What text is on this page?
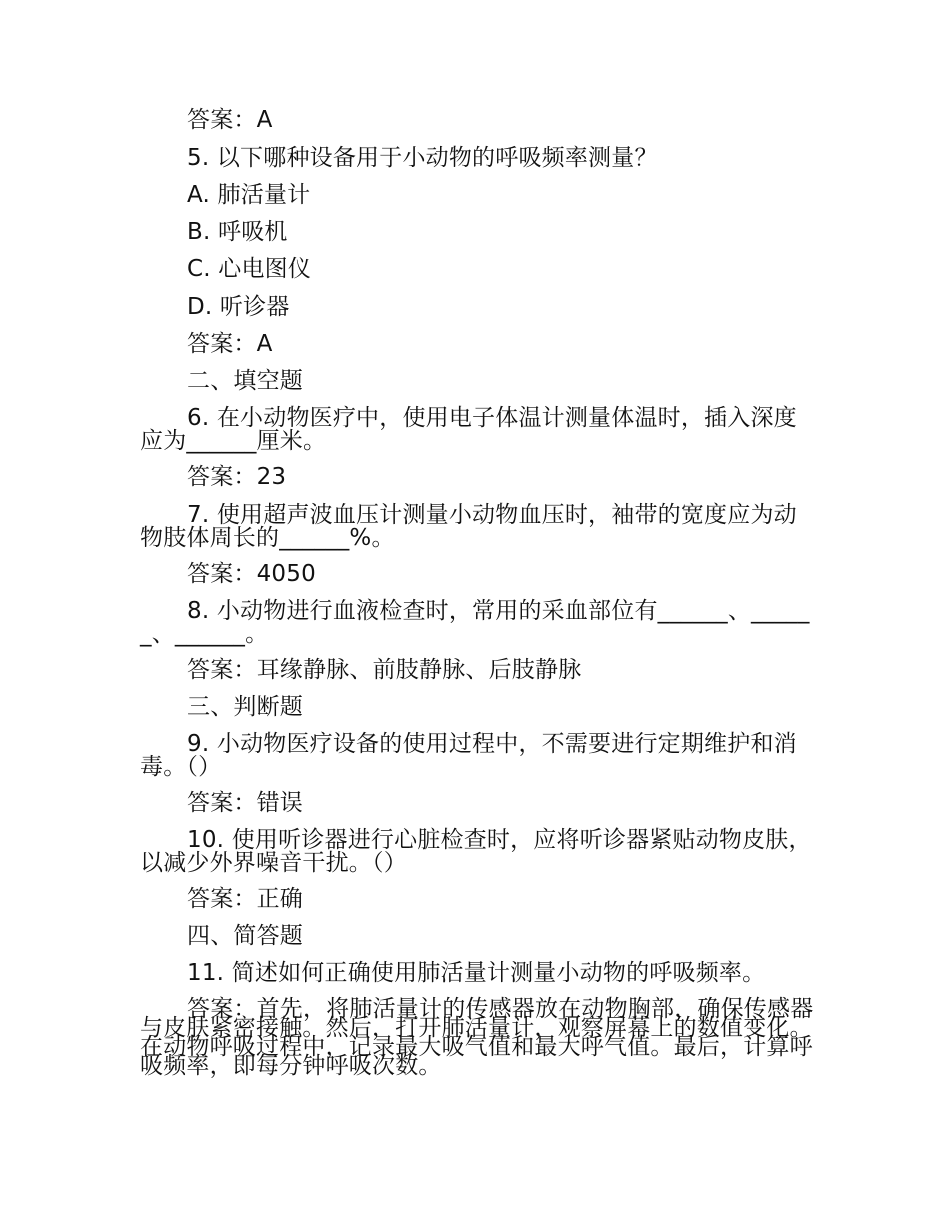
答案：A
5. 以下哪种设备用于小动物的呼吸频率测量？
A. 肺活量计
B. 呼吸机
C. 心电图仪
D. 听诊器
答案：A
二、填空题
6. 在小动物医疗中，使用电子体温计测量体温时，插入深度应为______厘米。
答案：23
7. 使用超声波血压计测量小动物血压时，袖带的宽度应为动物肢体周长的______%。
答案：4050
8. 小动物进行血液检查时，常用的采血部位有______、______、______。
答案：耳缘静脉、前肢静脉、后肢静脉
三、判断题
9. 小动物医疗设备的使用过程中，不需要进行定期维护和消毒。（）
答案：错误
10. 使用听诊器进行心脏检查时，应将听诊器紧贴动物皮肤，以减少外界噪音干扰。（）
答案：正确
四、简答题
11. 简述如何正确使用肺活量计测量小动物的呼吸频率。
答案：首先，将肺活量计的传感器放在动物胸部，确保传感器与皮肤紧密接触。然后，打开肺活量计，观察屏幕上的数值变化。在动物呼吸过程中，记录最大吸气值和最大呼气值。最后，计算呼吸频率，即每分钟呼吸次数。
